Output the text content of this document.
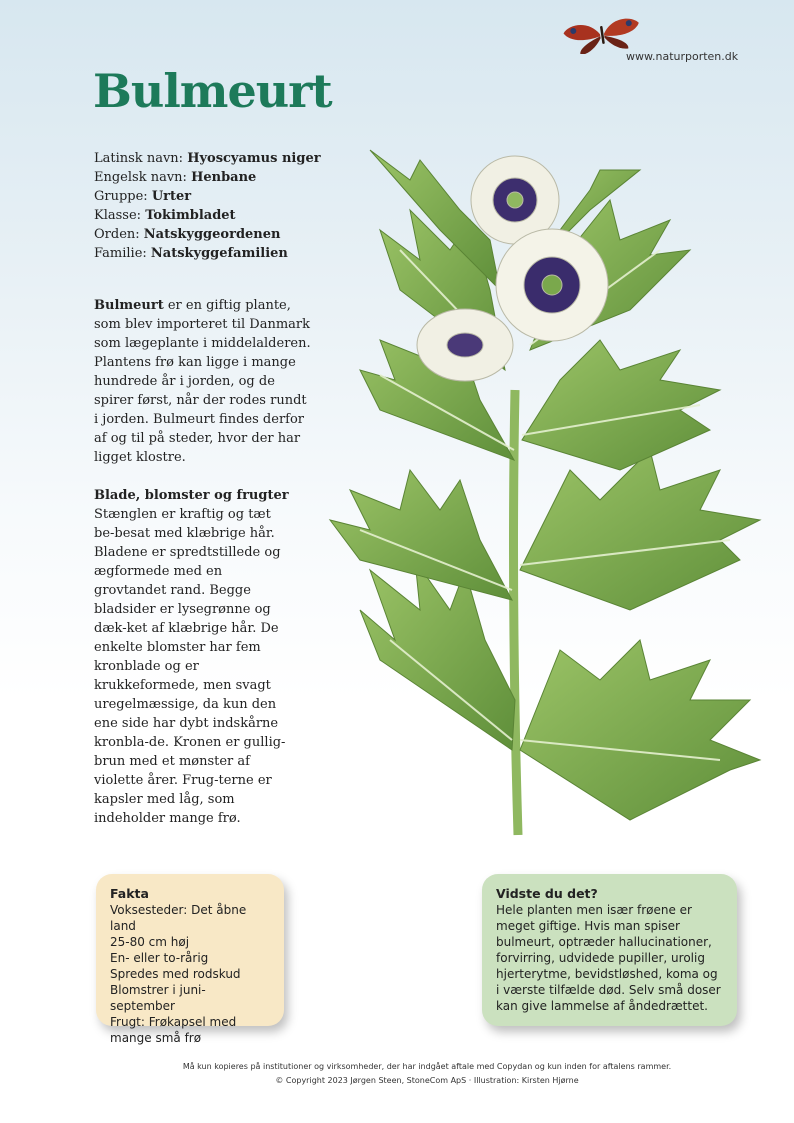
www.naturporten.dk
Bulmeurt
Latinsk navn: Hyoscyamus niger
Engelsk navn: Henbane
Gruppe: Urter
Klasse: Tokimbladet
Orden: Natskyggeordenen
Familie: Natskyggefamilien

Bulmeurt er en giftig plante, som blev importeret til Danmark som lægeplante i middelalderen. Plantens frø kan ligge i mange hundrede år i jorden, og de spirer først, når der rodes rundt i jorden. Bulmeurt findes derfor af og til på steder, hvor der har ligget klostre.

Blade, blomster og frugter

Stænglen er kraftig og tæt be-besat med klæbrige hår. Bladene er spredtstillede og ægformede med en grovtandet rand. Begge bladsider er lysegrønne og dæk-ket af klæbrige hår. De enkelte blomster har fem kronblade og er krukkeformede, men svagt uregelmæssige, da kun den ene side har dybt indskårne kronbla-de. Kronen er gullig-brun med et mønster af violette årer. Frug-terne er kapsler med låg, som indeholder mange frø.

Fakta
Voksesteder: Det åbne land
25-80 cm høj
En- eller to-rårig
Spredes med rodskud
Blomstrer i juni-september
Frugt: Frøkapsel med mange små frø
Vidste du det?
Hele planten men især frøene er meget giftige. Hvis man spiser bulmeurt, optræder hallucinationer, forvirring, udvidede pupiller, urolig hjerterytme, bevidstløshed, koma og i værste tilfælde død. Selv små doser kan give lammelse af åndedrættet.
Må kun kopieres på institutioner og virksomheder, der har indgået aftale med Copydan og kun inden for aftalens rammer.
© Copyright 2023 Jørgen Steen, StoneCom ApS · Illustration: Kirsten Hjørne
